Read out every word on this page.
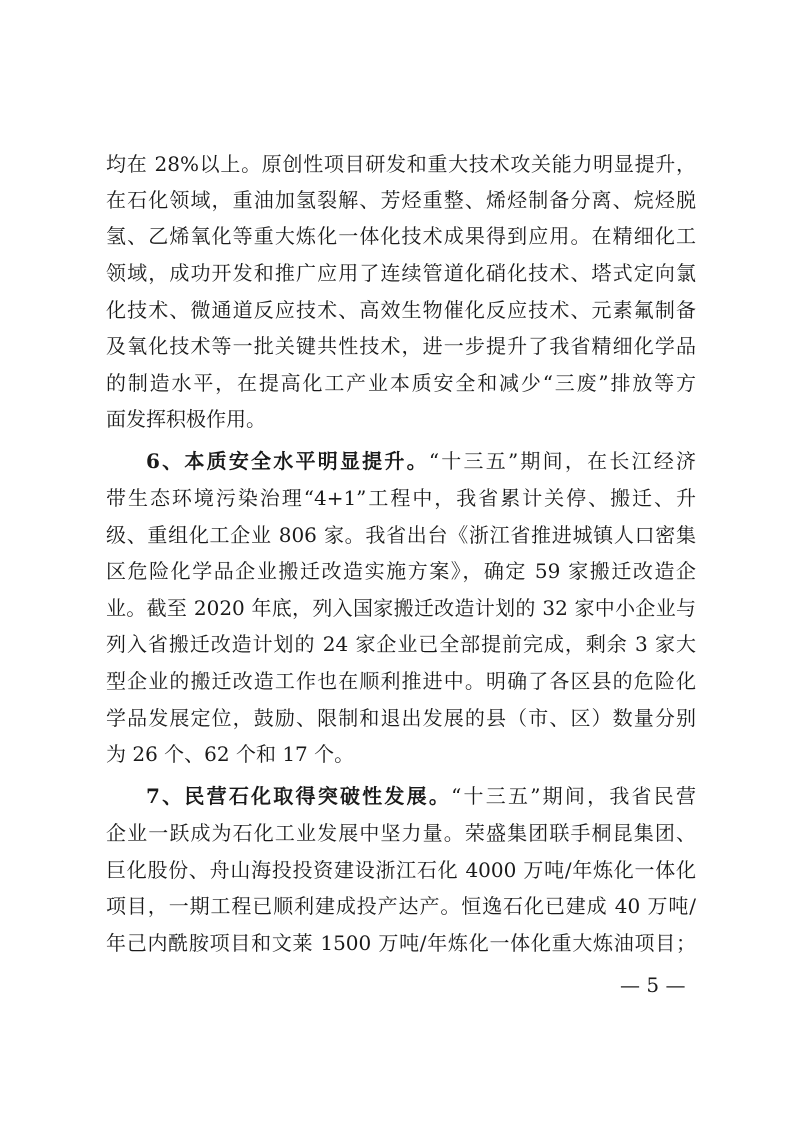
均在 28%以上。原创性项目研发和重大技术攻关能力明显提升，
在石化领域，重油加氢裂解、芳烃重整、烯烃制备分离、烷烃脱
氢、乙烯氧化等重大炼化一体化技术成果得到应用。在精细化工
领域，成功开发和推广应用了连续管道化硝化技术、塔式定向氯
化技术、微通道反应技术、高效生物催化反应技术、元素氟制备
及氧化技术等一批关键共性技术，进一步提升了我省精细化学品
的制造水平，在提高化工产业本质安全和减少“三废”排放等方
面发挥积极作用。
6、本质安全水平明显提升。“十三五”期间，在长江经济
带生态环境污染治理“4+1”工程中，我省累计关停、搬迁、升
级、重组化工企业 806 家。我省出台《浙江省推进城镇人口密集
区危险化学品企业搬迁改造实施方案》，确定 59 家搬迁改造企
业。截至 2020 年底，列入国家搬迁改造计划的 32 家中小企业与
列入省搬迁改造计划的 24 家企业已全部提前完成，剩余 3 家大
型企业的搬迁改造工作也在顺利推进中。明确了各区县的危险化
学品发展定位，鼓励、限制和退出发展的县（市、区）数量分别
为 26 个、62 个和 17 个。
7、民营石化取得突破性发展。“十三五”期间，我省民营
企业一跃成为石化工业发展中坚力量。荣盛集团联手桐昆集团、
巨化股份、舟山海投投资建设浙江石化 4000 万吨/年炼化一体化
项目，一期工程已顺利建成投产达产。恒逸石化已建成 40 万吨/
年己内酰胺项目和文莱 1500 万吨/年炼化一体化重大炼油项目；
— 5 —
